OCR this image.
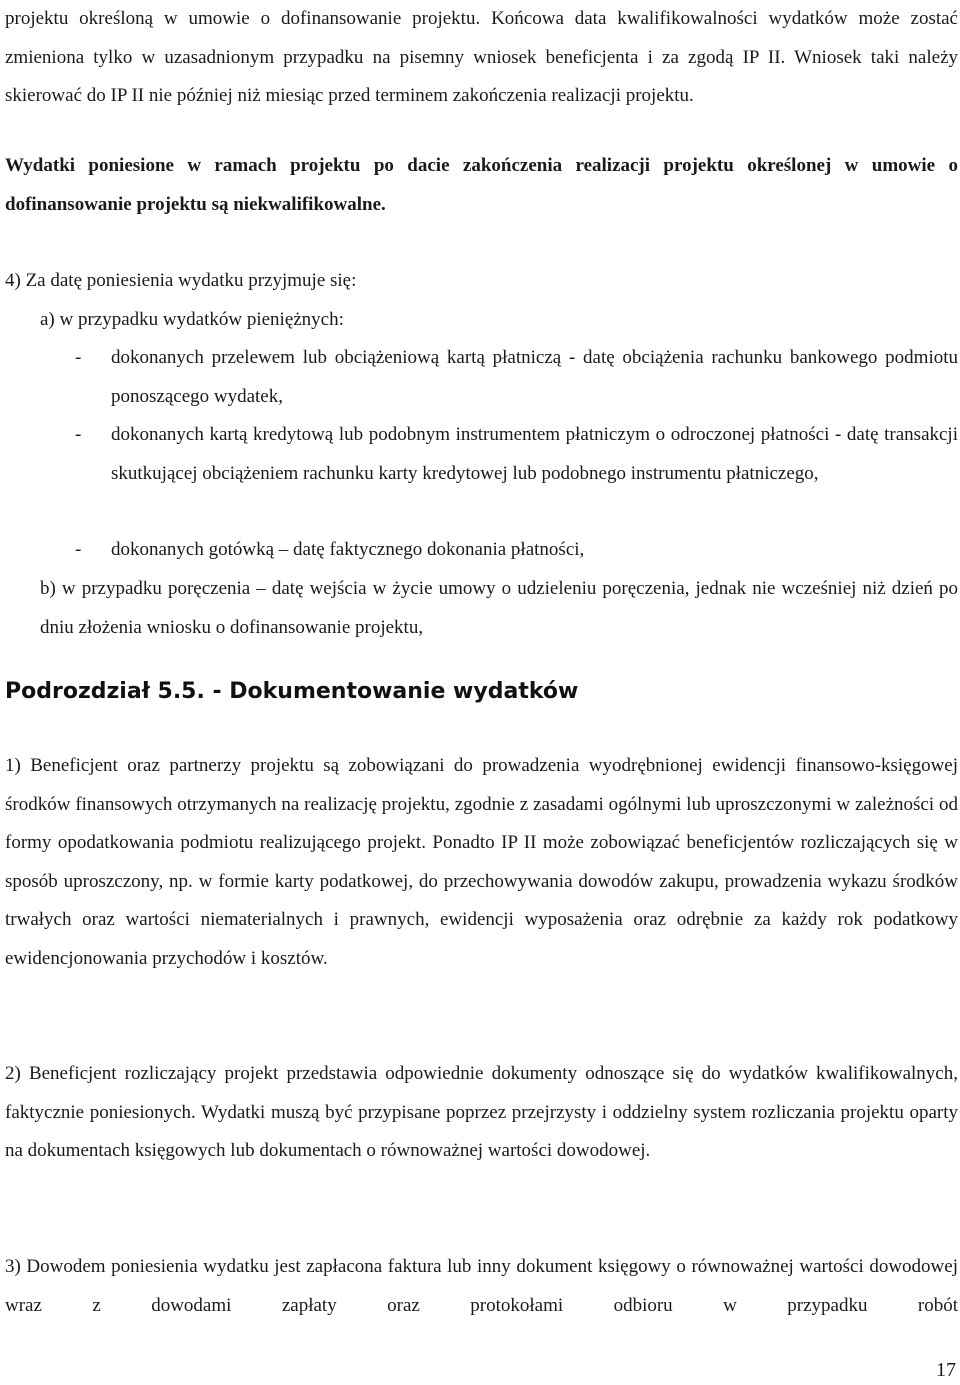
projektu określoną w umowie o dofinansowanie projektu. Końcowa data kwalifikowalności wydatków może zostać zmieniona tylko w uzasadnionym przypadku na pisemny wniosek beneficjenta i za zgodą IP II. Wniosek taki należy skierować do IP II nie później niż miesiąc przed terminem zakończenia realizacji projektu.
Wydatki poniesione w ramach projektu po dacie zakończenia realizacji projektu określonej w umowie o dofinansowanie projektu są niekwalifikowalne.
4) Za datę poniesienia wydatku przyjmuje się:
a) w przypadku wydatków pieniężnych:
- dokonanych przelewem lub obciążeniową kartą płatniczą - datę obciążenia rachunku bankowego podmiotu ponoszącego wydatek,
- dokonanych kartą kredytową lub podobnym instrumentem płatniczym o odroczonej płatności - datę transakcji skutkującej obciążeniem rachunku karty kredytowej lub podobnego instrumentu płatniczego,
- dokonanych gotówką – datę faktycznego dokonania płatności,
b) w przypadku poręczenia – datę wejścia w życie umowy o udzieleniu poręczenia, jednak nie wcześniej niż dzień po dniu złożenia wniosku o dofinansowanie projektu,
Podrozdział 5.5. - Dokumentowanie wydatków
1) Beneficjent oraz partnerzy projektu są zobowiązani do prowadzenia wyodrębnionej ewidencji finansowo-księgowej środków finansowych otrzymanych na realizację projektu, zgodnie z zasadami ogólnymi lub uproszczonymi w zależności od formy opodatkowania podmiotu realizującego projekt. Ponadto IP II może zobowiązać beneficjentów rozliczających się w sposób uproszczony, np. w formie karty podatkowej, do przechowywania dowodów zakupu, prowadzenia wykazu środków trwałych oraz wartości niematerialnych i prawnych, ewidencji wyposażenia oraz odrębnie za każdy rok podatkowy ewidencjonowania przychodów i kosztów.
2) Beneficjent rozliczający projekt przedstawia odpowiednie dokumenty odnoszące się do wydatków kwalifikowalnych, faktycznie poniesionych. Wydatki muszą być przypisane poprzez przejrzysty i oddzielny system rozliczania projektu oparty na dokumentach księgowych lub dokumentach o równoważnej wartości dowodowej.
3) Dowodem poniesienia wydatku jest zapłacona faktura lub inny dokument księgowy o równoważnej wartości dowodowej wraz z dowodami zapłaty oraz protokołami odbioru w przypadku robót
17
